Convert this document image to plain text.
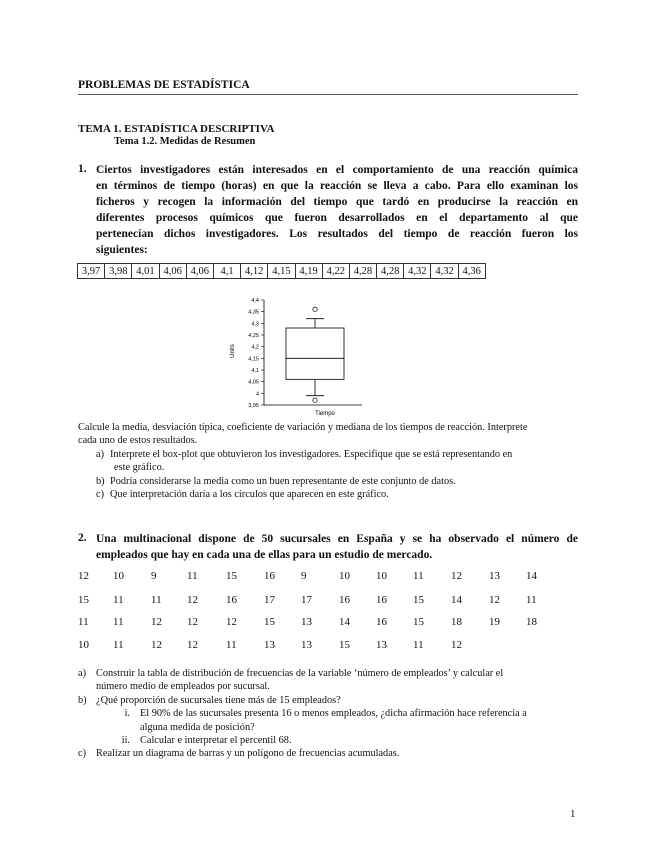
PROBLEMAS DE ESTADÍSTICA
TEMA 1. ESTADÍSTICA DESCRIPTIVA
Tema 1.2. Medidas de Resumen
1. Ciertos investigadores están interesados en el comportamiento de una reacción química
en términos de tiempo (horas) en que la reacción se lleva a cabo. Para ello examinan los
ficheros y recogen la información del tiempo que tardó en producirse la reacción en
diferentes procesos químicos que fueron desarrollados en el departamento al que
pertenecían dichos investigadores. Los resultados del tiempo de reacción fueron los
siguientes:
3,97	3,98	4,01	4,06	4,06	4,1	4,12	4,15	4,19	4,22	4,28	4,28	4,32	4,32	4,36
3,95
4
4,05
4,1
4,15
4,2
4,25
4,3
4,35
4,4
Tiempo
Units
Calcule la media, desviación típica, coeficiente de variación y mediana de los tiempos de reacción. Interprete
cada uno de estos resultados.
a) Interprete el box-plot que obtuvieron los investigadores. Especifique que se está representando en
este gráfico.
b) Podría considerarse la media como un buen representante de este conjunto de datos.
c) Que interpretación daría a los círculos que aparecen en este gráfico.
2. Una multinacional dispone de 50 sucursales en España y se ha observado el número de
empleados que hay en cada una de ellas para un estudio de mercado.
12 10 9	11	15 16 9	10 10 11 12 13 14
15 11 11 12	16 17 17 16 16 15 14 12 11
11 11 12 12	12 15 13 14 16 15 18 19 18
10 11 12 12	11 13 13 15 13 11 12
a) Construir la tabla de distribución de frecuencias de la variable ‘número de empleados’ y calcular el
número medio de empleados por sucursal.
b) ¿Qué proporción de sucursales tiene más de 15 empleados?
i. El 90% de las sucursales presenta 16 o menos empleados, ¿dicha afirmación hace referencia a
alguna medida de posición?
ii. Calcular e interpretar el percentil 68.
c) Realizar un diagrama de barras y un polígono de frecuencias acumuladas.
1
